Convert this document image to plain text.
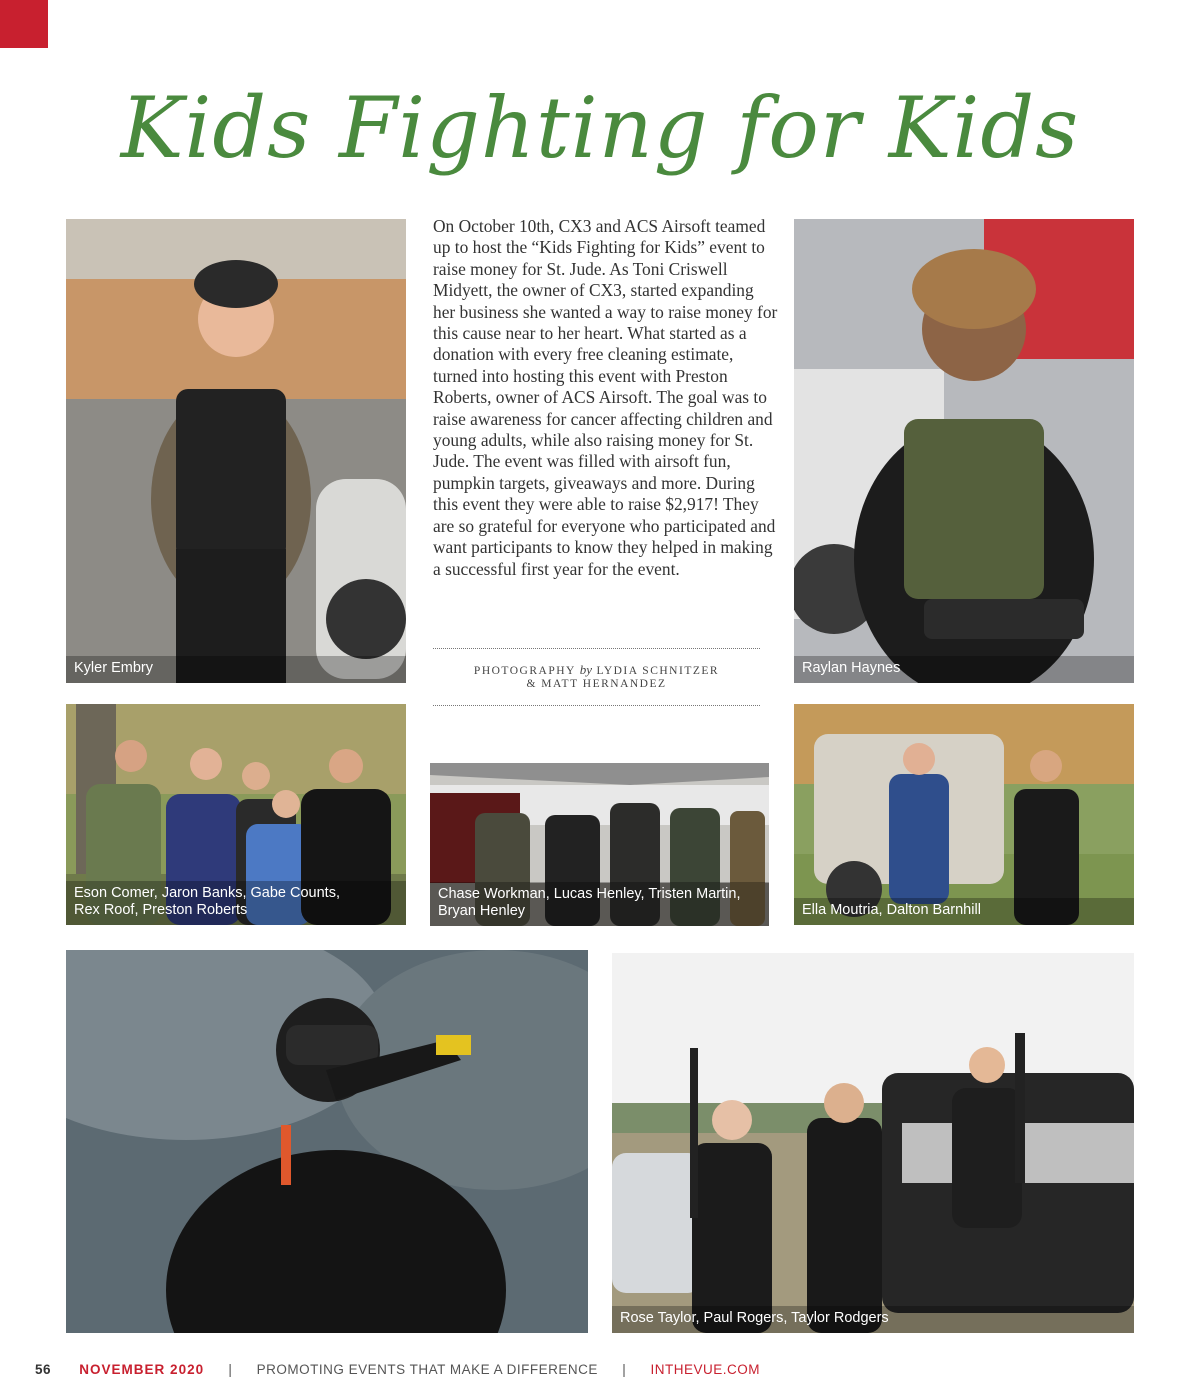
Kids Fighting for Kids
Kyler Embry

On October 10th, CX3 and ACS Airsoft teamed up to host the “Kids Fighting for Kids” event to raise money for St. Jude. As Toni Criswell Midyett, the owner of CX3, started expanding her business she wanted a way to raise money for this cause near to her heart. What started as a donation with every free cleaning estimate, turned into hosting this event with Preston Roberts, owner of ACS Airsoft. The goal was to raise awareness for cancer affecting children and young adults, while also raising money for St. Jude. The event was filled with airsoft fun, pumpkin targets, giveaways and more. During this event they were able to raise $2,917! They are so grateful for everyone who participated and want participants to know they helped in making a successful first year for the event.

PHOTOGRAPHY by LYDIA SCHNITZER
& MATT HERNANDEZ
Raylan Haynes
Eson Comer, Jaron Banks, Gabe Counts,
Rex Roof, Preston Roberts
Chase Workman, Lucas Henley, Tristen Martin,
Bryan Henley	Ella Moutria, Dalton Barnhill
Rose Taylor, Paul Rogers, Taylor Rodgers
56 NOVEMBER 2020 | PROMOTING EVENTS THAT MAKE A DIFFERENCE | INTHEVUE.COM
